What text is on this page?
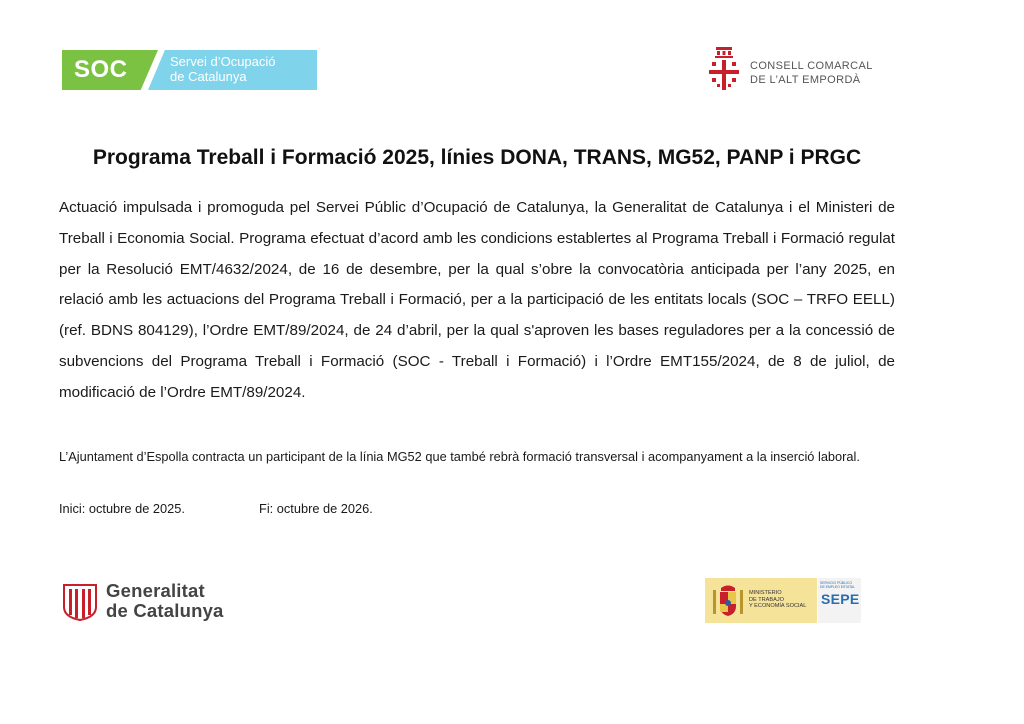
SOC	Servei d’Ocupació
de Catalunya
CONSELL COMARCAL
DE L’ALT EMPORDÀ
Programa Treball i Formació 2025, línies DONA, TRANS, MG52, PANP i PRGC
Actuació impulsada i promoguda pel Servei Públic d’Ocupació de Catalunya, la Generalitat de Catalunya i el Ministeri de Treball i Economia Social. Programa efectuat d’acord amb les condicions establertes al Programa Treball i Formació regulat per la Resolució EMT/4632/2024, de 16 de desembre, per la qual s’obre la convocatòria anticipada per l’any 2025, en relació amb les actuacions del Programa Treball i Formació, per a la participació de les entitats locals (SOC – TRFO EELL) (ref. BDNS 804129), l’Ordre EMT/89/2024, de 24 d’abril, per la qual s'aproven les bases reguladores per a la concessió de subvencions del Programa Treball i Formació (SOC - Treball i Formació) i l’Ordre EMT155/2024, de 8 de juliol, de modificació de l’Ordre EMT/89/2024.
L’Ajuntament d’Espolla contracta un participant de la línia MG52 que també rebrà formació transversal i acompanyament a la inserció laboral.
Inici: octubre de 2025.	Fi: octubre de 2026.
Generalitat
de Catalunya
MINISTERIO
DE TRABAJO
Y ECONOMÍA SOCIAL
SERVICIO PÚBLICO
DE EMPLEO ESTATAL
SEPE
